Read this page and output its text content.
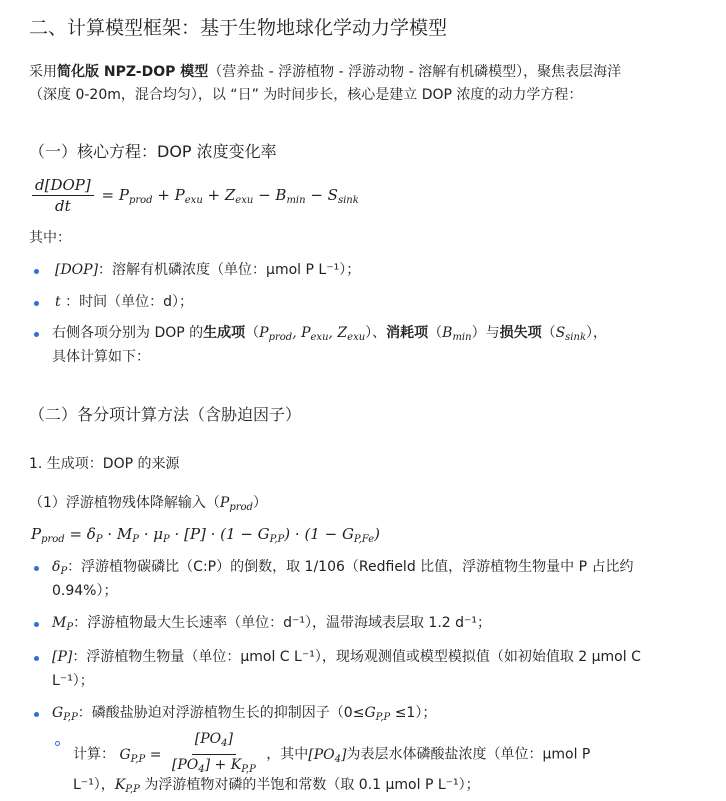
二、计算模型框架：基于生物地球化学动力学模型
采用简化版 NPZ-DOP 模型（营养盐 - 浮游植物 - 浮游动物 - 溶解有机磷模型），聚焦表层海洋
（深度 0-20m，混合均匀），以 “日” 为时间步长，核心是建立 DOP 浓度的动力学方程：
（一）核心方程：DOP 浓度变化率
$\frac{\text{d[DOP]}}{dt} = P_{prod} + P_{exu} + Z_{exu} - B_{min} - S_{sink}$
其中：
[DOP]：溶解有机磷浓度（单位：μmol P L⁻¹）；
t ：时间（单位：d）；
右侧各项分别为 DOP 的生成项（$P_{prod}$, $P_{exu}$, $Z_{exu}$）、消耗项$(B_{min})$与损失项$(S_{sink})$，
具体计算如下：
（二）各分项计算方法（含胁迫因子）
1. 生成项：DOP 的来源
（1）浮游植物残体降解输入$(P_{prod})$
$P_{prod} = \delta_P \cdot M_P \cdot \mu_P \cdot [P] \cdot (1 - G_{P,P}) \cdot (1 - G_{P,Fe})$
$\delta_P$：浮游植物碳磷比（C:P）的倒数，取 1/106（Redfield 比值，浮游植物生物量中 P 占比约
0.94%）；
$M_P$：浮游植物最大生长速率（单位：d⁻¹），温带海域表层取 1.2 d⁻¹；
[P]：浮游植物生物量（单位：μmol C L⁻¹），现场观测值或模型模拟值（如初始值取 2 μmol C
L⁻¹）；
$G_{P,P}$：磷酸盐胁迫对浮游植物生长的抑制因子$(0\le G_{P,P} \le 1)$；
计算： $G_{P,P} = \frac{[PO_4]}{[PO_4] + K_{P,P}}$ ，其中$[PO_4]$为表层水体磷酸盐浓度（单位：μmol P
L⁻¹），$K_{P,P}$ 为浮游植物对磷的半饱和常数（取 0.1 μmol P L⁻¹）；
